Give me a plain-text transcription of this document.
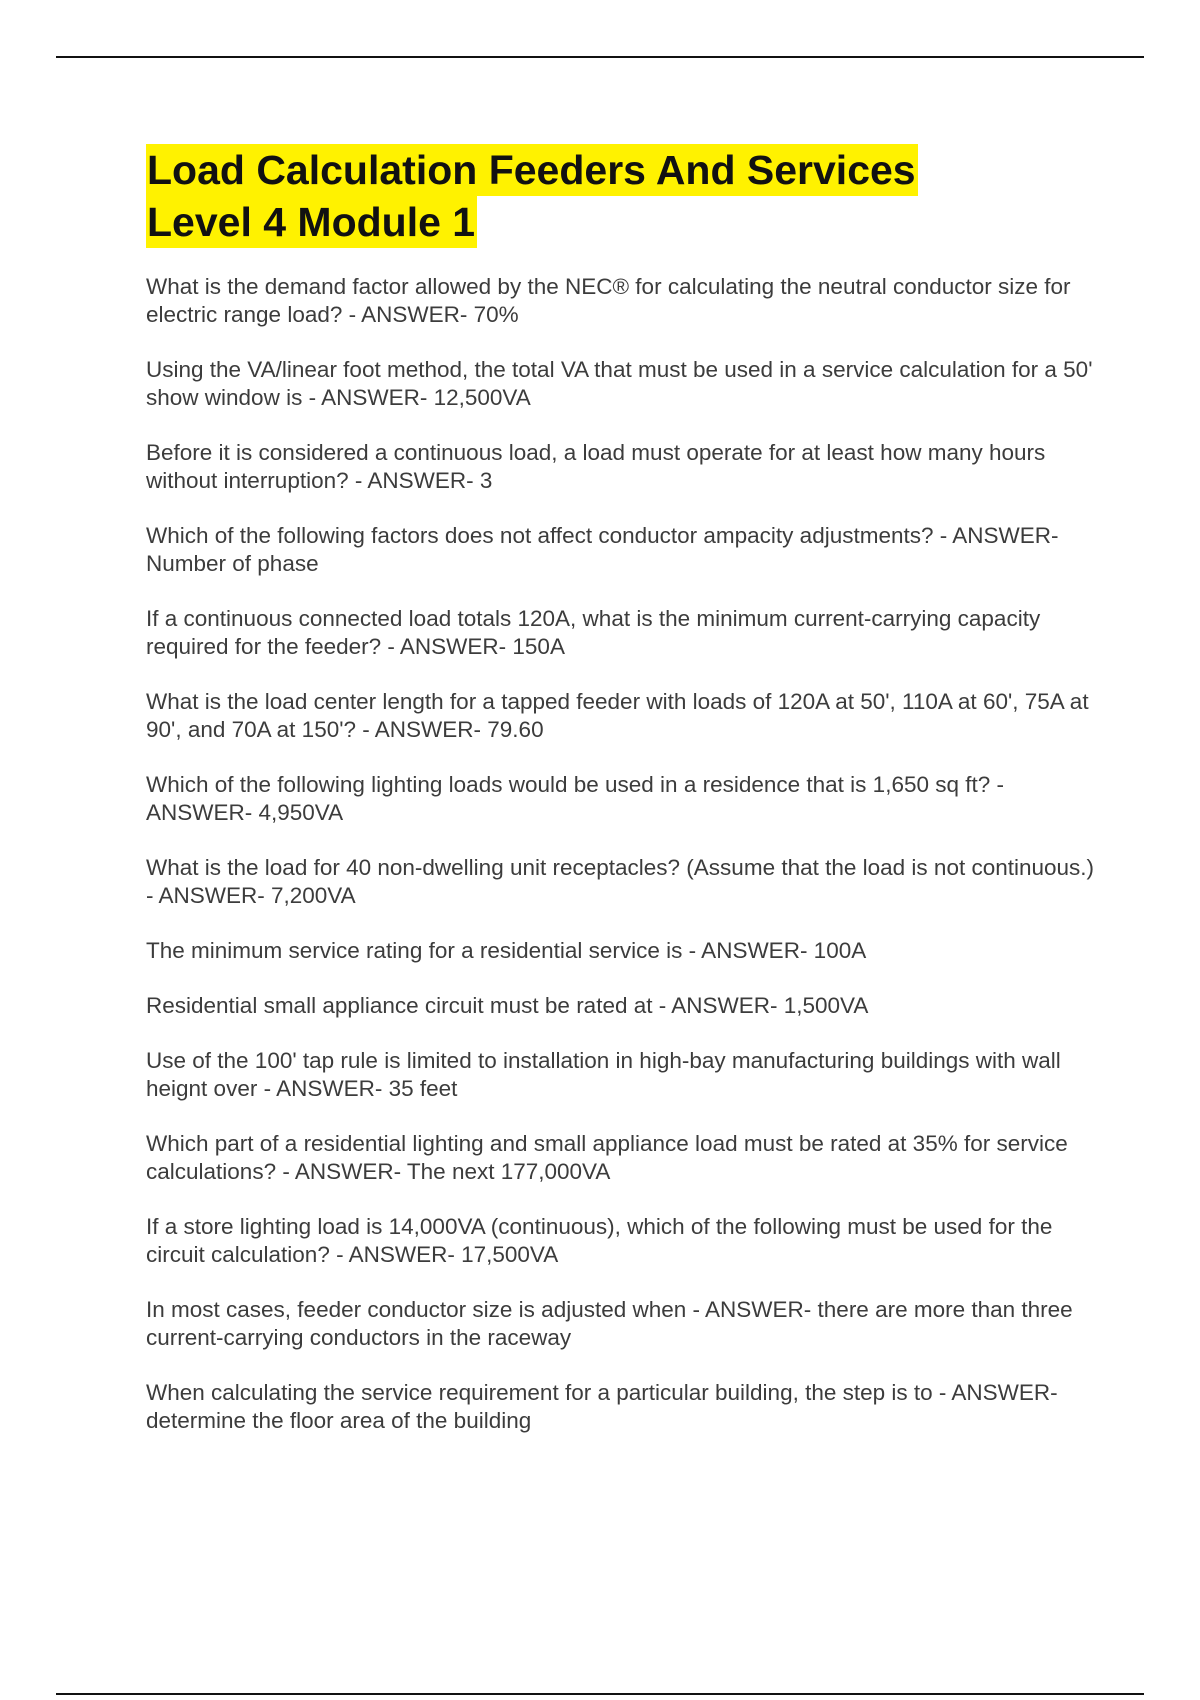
Load Calculation Feeders And Services
Level 4 Module 1

What is the demand factor allowed by the NEC® for calculating the neutral conductor size for electric range load? - ANSWER- 70%

Using the VA/linear foot method, the total VA that must be used in a service calculation for a 50' show window is - ANSWER- 12,500VA

Before it is considered a continuous load, a load must operate for at least how many hours without interruption? - ANSWER- 3

Which of the following factors does not affect conductor ampacity adjustments? - ANSWER- Number of phase

If a continuous connected load totals 120A, what is the minimum current-carrying capacity required for the feeder? - ANSWER- 150A

What is the load center length for a tapped feeder with loads of 120A at 50', 110A at 60', 75A at 90', and 70A at 150'? - ANSWER- 79.60

Which of the following lighting loads would be used in a residence that is 1,650 sq ft? - ANSWER- 4,950VA

What is the load for 40 non-dwelling unit receptacles? (Assume that the load is not continuous.) - ANSWER- 7,200VA

The minimum service rating for a residential service is - ANSWER- 100A

Residential small appliance circuit must be rated at - ANSWER- 1,500VA

Use of the 100' tap rule is limited to installation in high-bay manufacturing buildings with wall heignt over - ANSWER- 35 feet

Which part of a residential lighting and small appliance load must be rated at 35% for service calculations? - ANSWER- The next 177,000VA

If a store lighting load is 14,000VA (continuous), which of the following must be used for the circuit calculation? - ANSWER- 17,500VA

In most cases, feeder conductor size is adjusted when - ANSWER- there are more than three current-carrying conductors in the raceway

When calculating the service requirement for a particular building, the step is to - ANSWER- determine the floor area of the building
